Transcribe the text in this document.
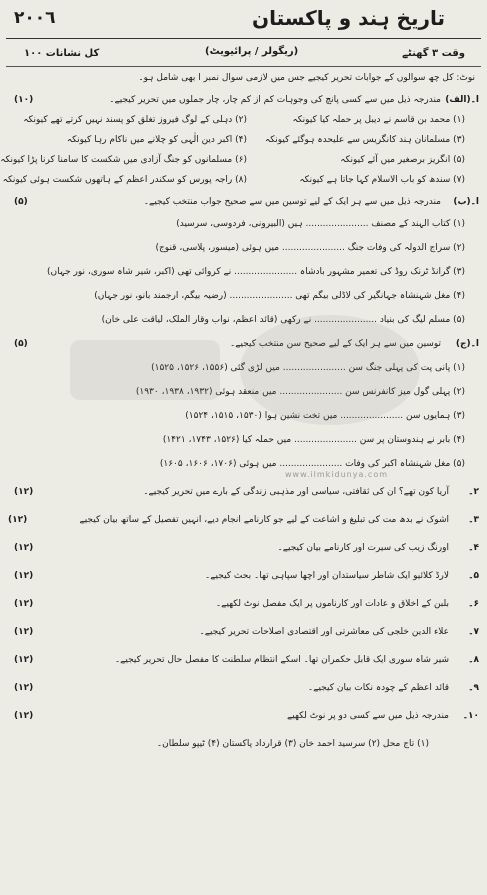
٢٠٠٦	تاریخ ہند و پاکستان
وقت ۳ گھنٹے
(ریگولر / پرائیویٹ)
کل نشانات ۱۰۰
نوٹ: کل چھ سوالوں کے جوابات تحریر کیجیے جس میں لازمی سوال نمبر ا بھی شامل ہو۔
ا۔(الف)
مندرجہ ذیل میں سے کسی پانچ کی وجوہات کم از کم چار، چار جملوں میں تحریر کیجیے۔
(۱۰)
(۱) محمد بن قاسم نے دیبل پر حملہ کیا کیونکہ
(۲) دہلی کے لوگ فیروز تغلق کو پسند نہیں کرتے تھے کیونکہ
(۳) مسلمانان ہند کانگریس سے علیحدہ ہوگئے کیونکہ
(۴) اکبر دین الٰہی کو چلانے میں ناکام رہا کیونکہ
(۵) انگریز برصغیر میں آئے کیونکہ
(۶) مسلمانوں کو جنگ آزادی میں شکست کا سامنا کرنا پڑا کیونکہ
(۷) سندھ کو باب الاسلام کہا جاتا ہے کیونکہ
(۸) راجہ پورس کو سکندر اعظم کے ہاتھوں شکست ہوئی کیونکہ
ا۔(ب)
مندرجہ ذیل میں سے ہر ایک کے لیے توسین میں سے صحیح جواب منتخب کیجیے۔
(۵)
(۱) کتاب الہند کے مصنف ...................... ہیں (البیرونی، فردوسی، سرسید)
(۲) سراج الدولہ کی وفات جنگ ...................... میں ہوئی (میسور، پلاسی، قنوج)
(۳) گرانڈ ٹرنک روڈ کی تعمیر مشہور بادشاہ ...................... نے کروائی تھی (اکبر، شیر شاہ سوری، نور جہاں)
(۴) مغل شہنشاہ جہانگیر کی لاڈلی بیگم تھی ...................... (رضیہ بیگم، ارجمند بانو، نور جہاں)
(۵) مسلم لیگ کی بنیاد ...................... نے رکھی (قائد اعظم، نواب وقار الملک، لیاقت علی خان)
ا۔(ج)
توسین میں سے ہر ایک کے لیے صحیح سن منتخب کیجیے۔
(۵)
(۱) پانی پت کی پہلی جنگ سن ...................... میں لڑی گئی (۱۵۵۶، ۱۵۲۶، ۱۵۲۵)
(۲) پہلی گول میز کانفرنس سن ...................... میں منعقد ہوئی (۱۹۳۲، ۱۹۳۸، ۱۹۳۰)
(۳) ہمایوں سن ...................... میں تخت نشین ہوا (۱۵۳۰، ۱۵۱۵، ۱۵۲۴)
(۴) بابر نے ہندوستان پر سن ...................... میں حملہ کیا (۱۵۲۶، ۱۷۴۳، ۱۴۲۱)
(۵) مغل شہنشاہ اکبر کی وفات ...................... میں ہوئی (۱۷۰۶، ۱۶۰۶، ۱۶۰۵)
www.ilmkidunya.com
۲۔
آریا کون تھے؟ ان کی ثقافتی، سیاسی اور مذہبی زندگی کے بارے میں تحریر کیجیے۔
(۱۲)
۳۔
اشوک نے بدھ مت کی تبلیغ و اشاعت کے لیے جو کارنامے انجام دیے، انہیں تفصیل کے ساتھ بیان کیجیے
(۱۲)
۴۔
اورنگ زیب کی سیرت اور کارنامے بیان کیجیے۔
(۱۲)
۵۔
لارڈ کلائیو ایک شاطر سیاستدان اور اچھا سپاہی تھا۔ بحث کیجیے۔
(۱۲)
۶۔
بلبن کے اخلاق و عادات اور کارناموں پر ایک مفصل نوٹ لکھیے۔
(۱۲)
۷۔
علاء الدین خلجی کی معاشرتی اور اقتصادی اصلاحات تحریر کیجیے۔
(۱۲)
۸۔
شیر شاہ سوری ایک قابل حکمران تھا۔ اسکے انتظام سلطنت کا مفصل حال تحریر کیجیے۔
(۱۲)
۹۔
قائد اعظم کے چودہ نکات بیان کیجیے۔
(۱۲)
۱۰۔
مندرجہ ذیل میں سے کسی دو پر نوٹ لکھیے
(۱۲)
(۱) تاج محل (۲) سرسید احمد خان (۳) قرارداد پاکستان (۴) ٹیپو سلطان۔
